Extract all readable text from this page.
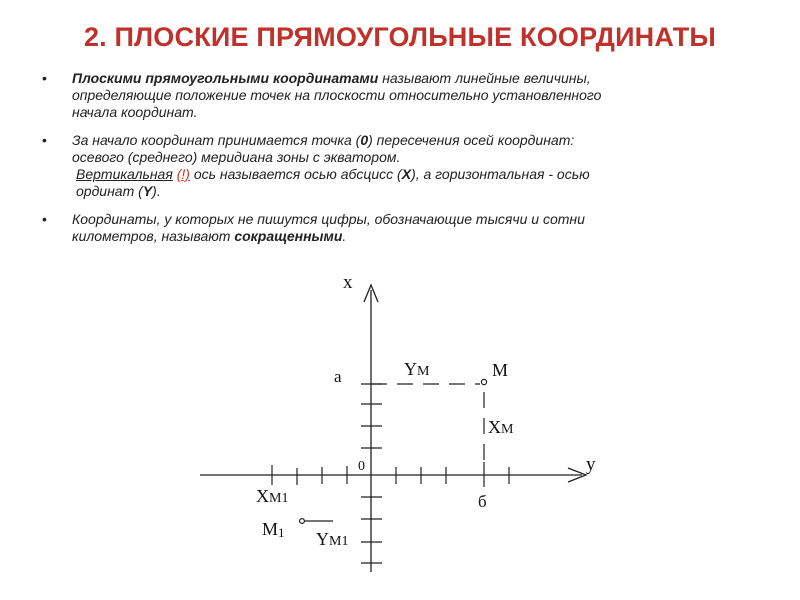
2. ПЛОСКИЕ ПРЯМОУГОЛЬНЫЕ КООРДИНАТЫ
• Плоскими прямоугольными координатами называют линейные величины,
определяющие положение точек на плоскости относительно установленного
начала координат.
• За начало координат принимается точка (0) пересечения осей координат:
осевого (среднего) меридиана зоны с экватором.
Вертикальная (!) ось называется осью абсцисс (Х), а горизонтальная - осью
ординат (Y).
• Координаты, у которых не пишутся цифры, обозначающие тысячи и сотни
километров, называют сокращенными.
x
y
0
а
б
M
YM
XM
XM1
M1 YM1
